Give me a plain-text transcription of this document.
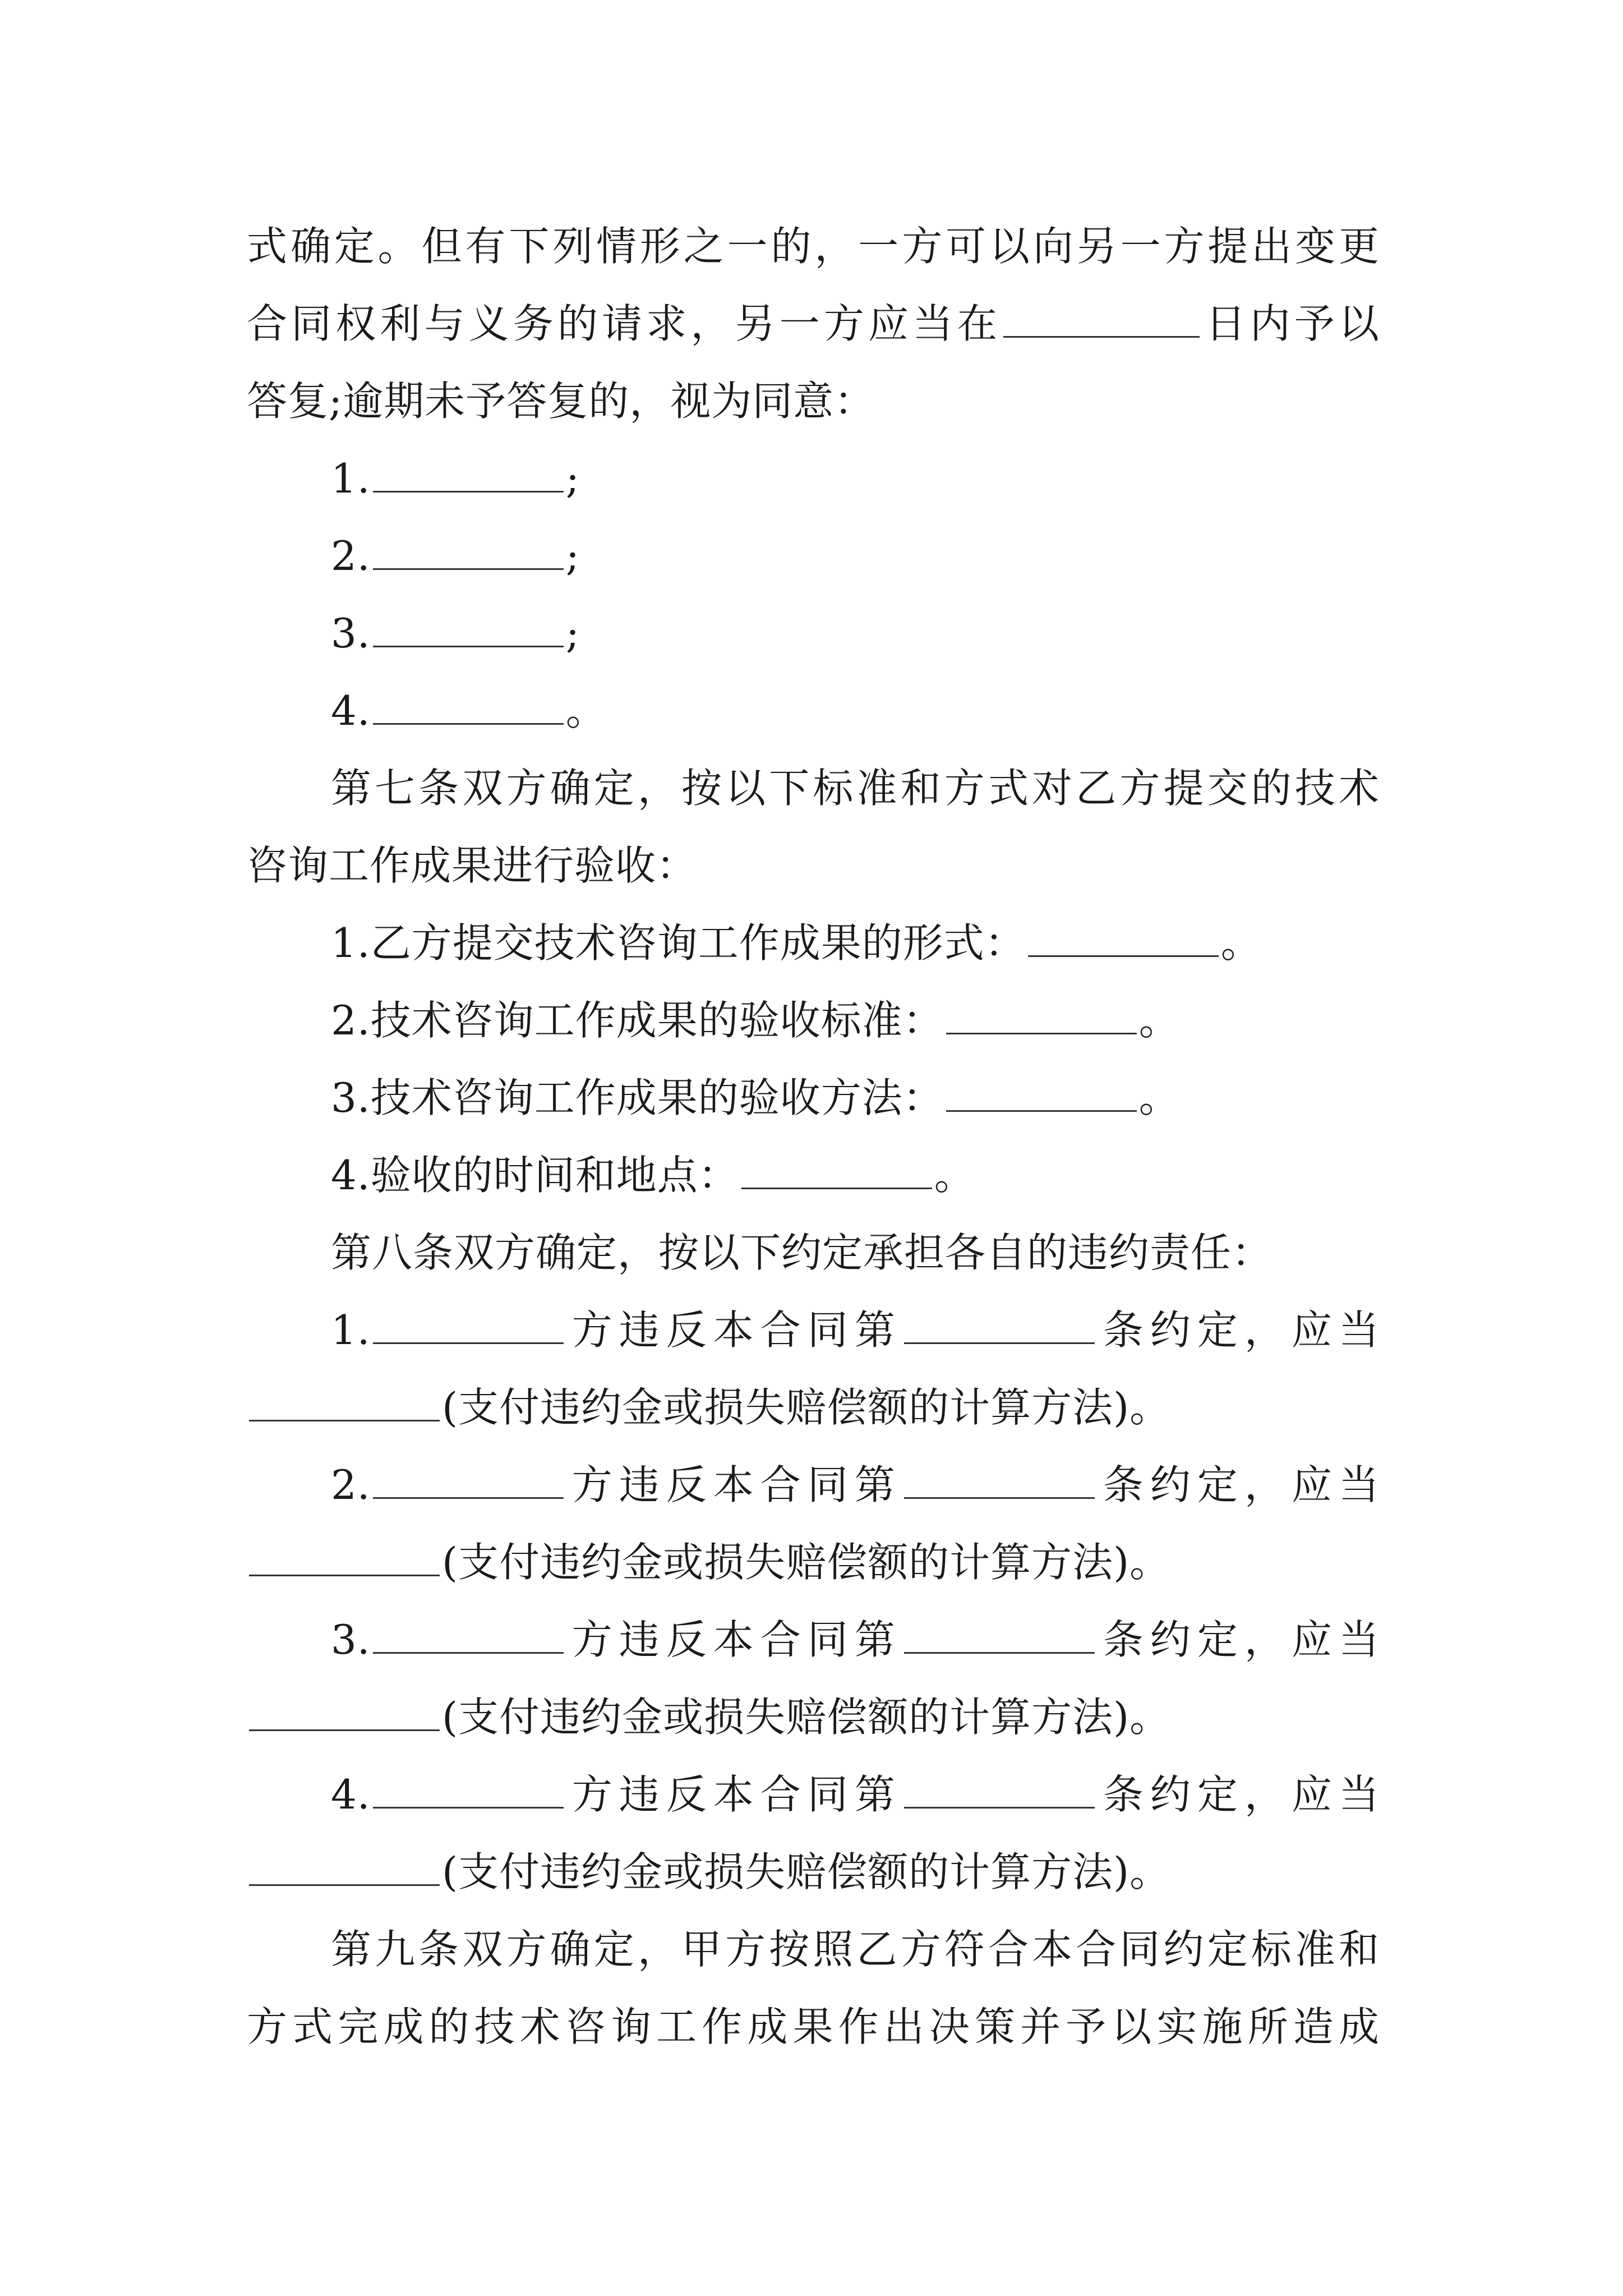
式确定。但有下列情形之一的，一方可以向另一方提出变更
合同权利与义务的请求，另一方应当在	日内予以
答复;逾期未予答复的，视为同意：
1.	;
2.	;
3.	;
4.	。
第七条双方确定，按以下标准和方式对乙方提交的技术
咨询工作成果进行验收：
1.乙方提交技术咨询工作成果的形式：	。
2.技术咨询工作成果的验收标准：	。
3.技术咨询工作成果的验收方法：	。
4.验收的时间和地点：	。
第八条双方确定，按以下约定承担各自的违约责任：
1.	方违反本合同第	条约定，应当
(支付违约金或损失赔偿额的计算方法)。
2.	方违反本合同第	条约定，应当
(支付违约金或损失赔偿额的计算方法)。
3.	方违反本合同第	条约定，应当
(支付违约金或损失赔偿额的计算方法)。
4.	方违反本合同第	条约定，应当
(支付违约金或损失赔偿额的计算方法)。
第九条双方确定，甲方按照乙方符合本合同约定标准和
方式完成的技术咨询工作成果作出决策并予以实施所造成
